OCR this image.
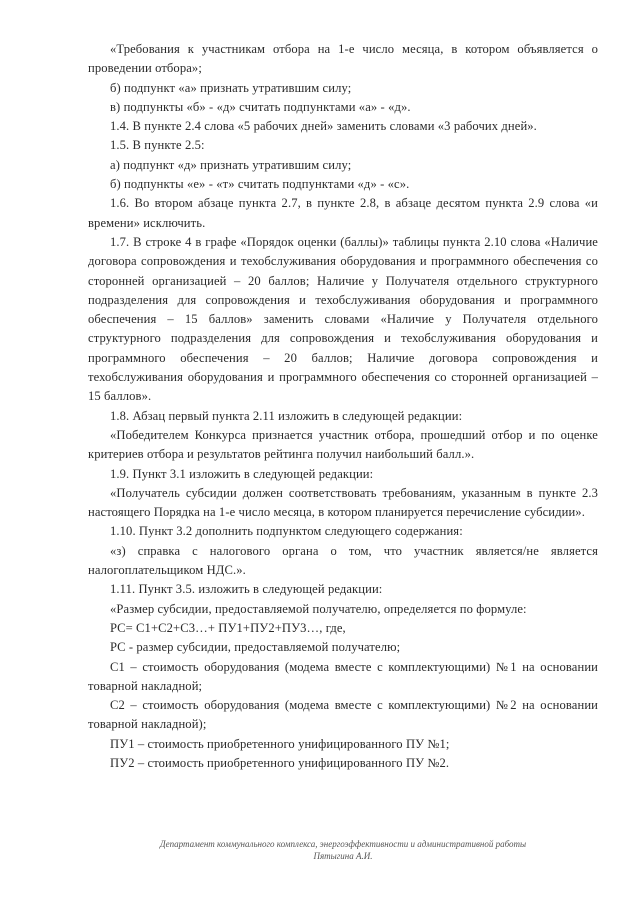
«Требования к участникам отбора на 1-е число месяца, в котором объявляется о проведении отбора»;

б) подпункт «а» признать утратившим силу;

в) подпункты «б» - «д» считать подпунктами «а» - «д».

1.4. В пункте 2.4 слова «5 рабочих дней» заменить словами «3 рабочих дней».

1.5. В пункте 2.5:

а) подпункт «д» признать утратившим силу;

б) подпункты «е» - «т» считать подпунктами «д» - «с».

1.6. Во втором абзаце пункта 2.7, в пункте 2.8, в абзаце десятом пункта 2.9 слова «и времени» исключить.

1.7. В строке 4 в графе «Порядок оценки (баллы)» таблицы пункта 2.10 слова «Наличие договора сопровождения и техобслуживания оборудования и программного обеспечения со сторонней организацией – 20 баллов; Наличие у Получателя отдельного структурного подразделения для сопровождения и техобслуживания оборудования и программного обеспечения – 15 баллов» заменить словами «Наличие у Получателя отдельного структурного подразделения для сопровождения и техобслуживания оборудования и программного обеспечения – 20 баллов; Наличие договора сопровождения и техобслуживания оборудования и программного обеспечения со сторонней организацией – 15 баллов».

1.8. Абзац первый пункта 2.11 изложить в следующей редакции:

«Победителем Конкурса признается участник отбора, прошедший отбор и по оценке критериев отбора и результатов рейтинга получил наибольший балл.».

1.9. Пункт 3.1 изложить в следующей редакции:

«Получатель субсидии должен соответствовать требованиям, указанным в пункте 2.3 настоящего Порядка на 1-е число месяца, в котором планируется перечисление субсидии».

1.10. Пункт 3.2 дополнить подпунктом следующего содержания:

«з) справка с налогового органа о том, что участник является/не является налогоплательщиком НДС.».

1.11. Пункт 3.5. изложить в следующей редакции:

«Размер субсидии, предоставляемой получателю, определяется по формуле:

PC= C1+C2+C3…+ ПУ1+ПУ2+ПУ3…, где,

PC - размер субсидии, предоставляемой получателю;

C1 – стоимость оборудования (модема вместе с комплектующими) №1 на основании товарной накладной;

C2 – стоимость оборудования (модема вместе с комплектующими) №2 на основании товарной накладной);

ПУ1 – стоимость приобретенного унифицированного ПУ №1;

ПУ2 – стоимость приобретенного унифицированного ПУ №2.

Департамент коммунального комплекса, энергоэффективности и административной работы
Пятыгина А.И.
